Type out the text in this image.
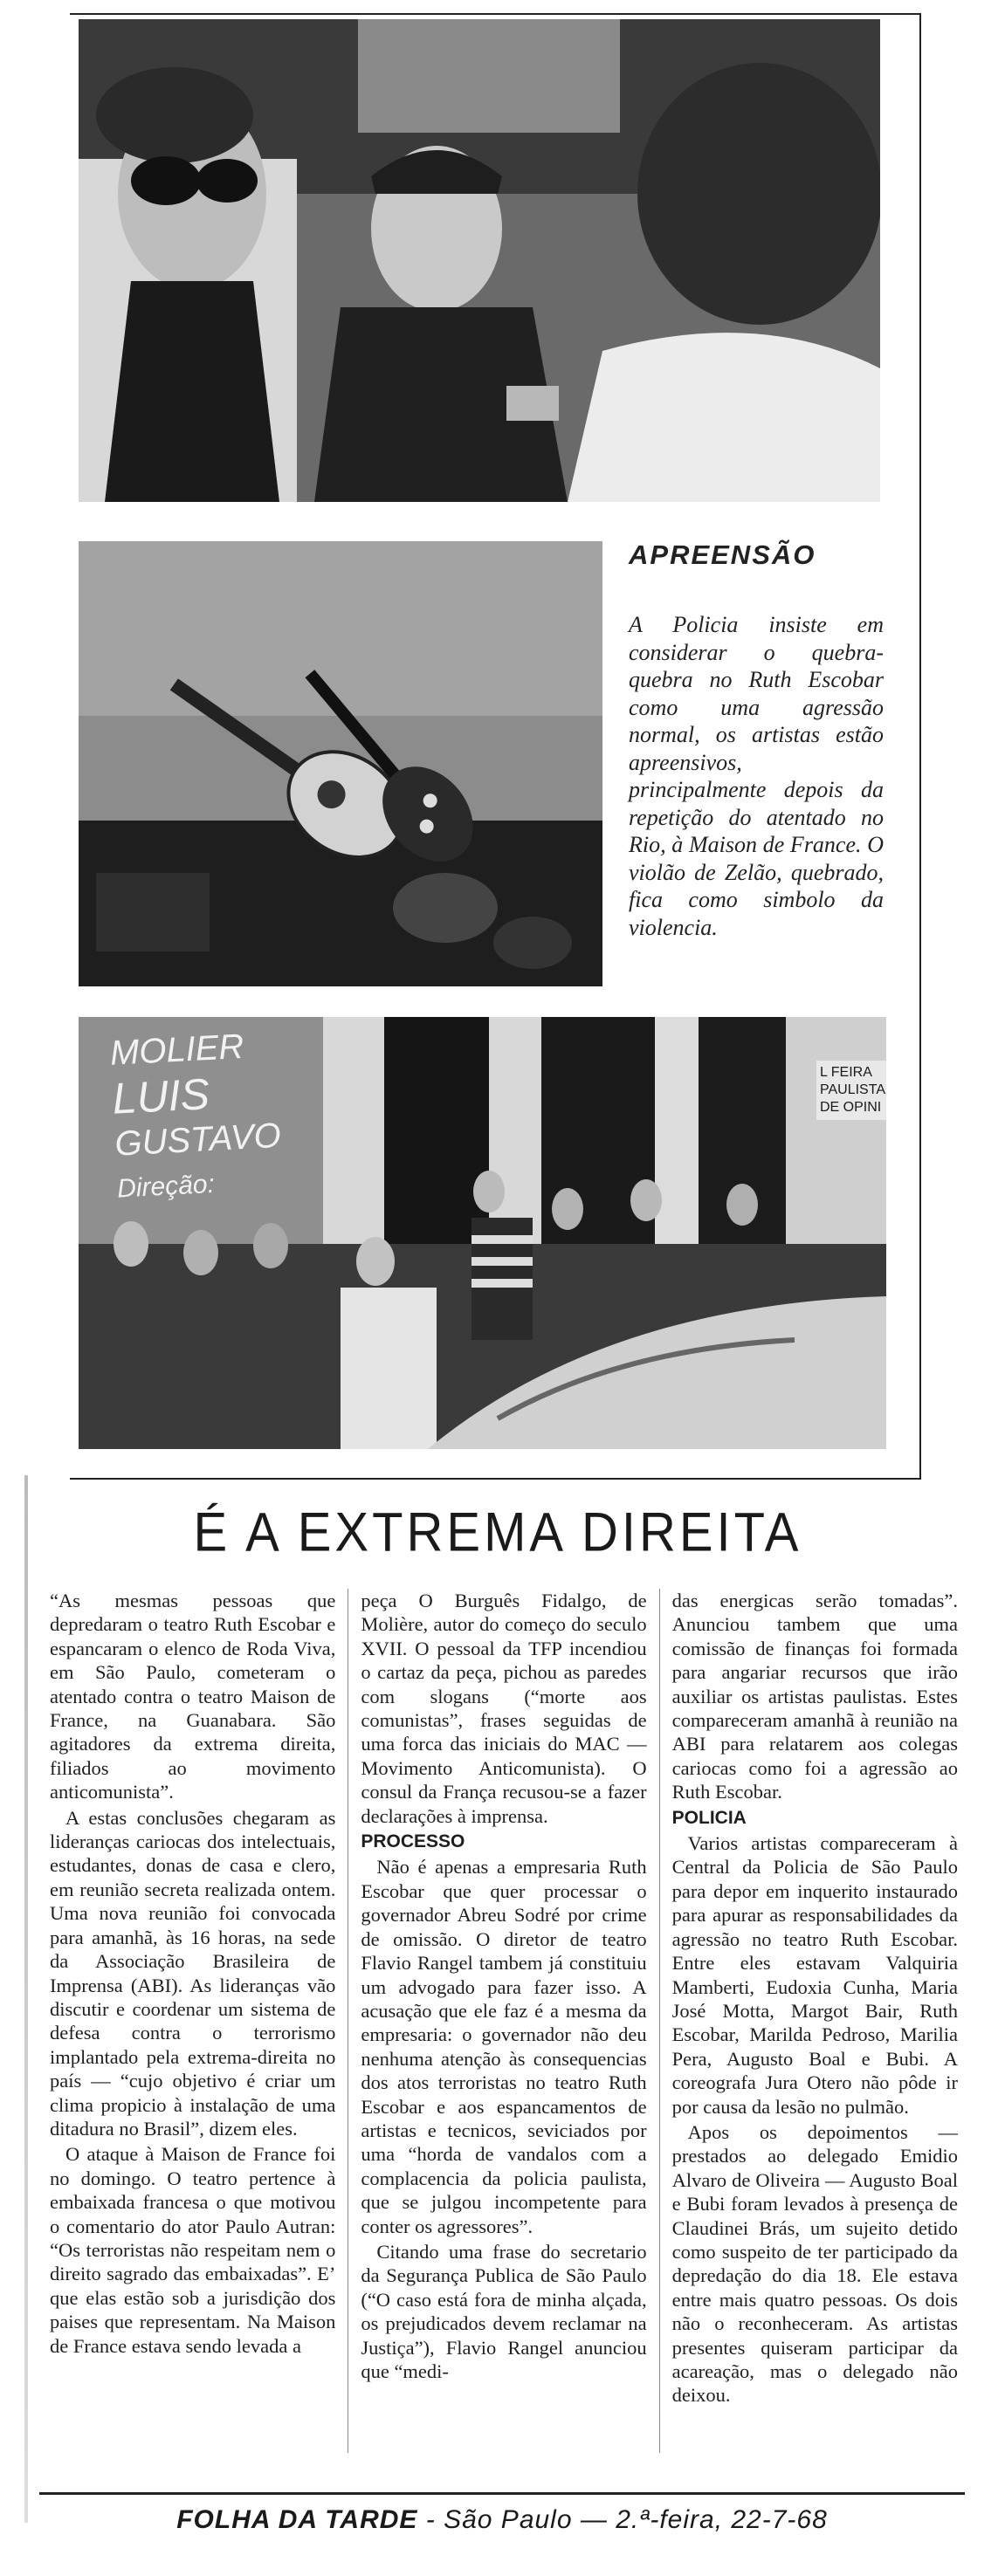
APREENSÃO
A Policia insiste em considerar o quebra-quebra no Ruth Escobar como uma agressão normal, os artistas estão apreensivos, principalmente depois da repetição do atentado no Rio, à Maison de France. O violão de Zelão, quebrado, fica como simbolo da violencia.
MOLIER
LUIS
GUSTAVO
Direção:
L FEIRA
PAULISTA
DE OPINI
É A EXTREMA DIREITA

“As mesmas pessoas que depredaram o teatro Ruth Escobar e espancaram o elenco de Roda Viva, em São Paulo, cometeram o atentado contra o teatro Maison de France, na Guanabara. São agitadores da extrema direita, filiados ao movimento anticomunista”.

A estas conclusões chegaram as lideranças cariocas dos intelectuais, estudantes, donas de casa e clero, em reunião secreta realizada ontem. Uma nova reunião foi convocada para amanhã, às 16 horas, na sede da Associação Brasileira de Imprensa (ABI). As lideranças vão discutir e coordenar um sistema de defesa contra o terrorismo implantado pela extrema-direita no país — “cujo objetivo é criar um clima propicio à instalação de uma ditadura no Brasil”, dizem eles.

O ataque à Maison de France foi no domingo. O teatro pertence à embaixada francesa o que motivou o comentario do ator Paulo Autran: “Os terroristas não respeitam nem o direito sagrado das embaixadas”. E’ que elas estão sob a jurisdição dos paises que representam. Na Maison de France estava sendo levada a

peça O Burguês Fidalgo, de Molière, autor do começo do seculo XVII. O pessoal da TFP incendiou o cartaz da peça, pichou as paredes com slogans (“morte aos comunistas”, frases seguidas de uma forca das iniciais do MAC — Movimento Anticomunista). O consul da França recusou-se a fazer declarações à imprensa.

PROCESSO

Não é apenas a empresaria Ruth Escobar que quer processar o governador Abreu Sodré por crime de omissão. O diretor de teatro Flavio Rangel tambem já constituiu um advogado para fazer isso. A acusação que ele faz é a mesma da empresaria: o governador não deu nenhuma atenção às consequencias dos atos terroristas no teatro Ruth Escobar e aos espancamentos de artistas e tecnicos, seviciados por uma “horda de vandalos com a complacencia da policia paulista, que se julgou incompetente para conter os agressores”.

Citando uma frase do secretario da Segurança Publica de São Paulo (“O caso está fora de minha alçada, os prejudicados devem reclamar na Justiça”), Flavio Rangel anunciou que “medi-

das energicas serão tomadas”. Anunciou tambem que uma comissão de finanças foi formada para angariar recursos que irão auxiliar os artistas paulistas. Estes compareceram amanhã à reunião na ABI para relatarem aos colegas cariocas como foi a agressão ao Ruth Escobar.

POLICIA

Varios artistas compareceram à Central da Policia de São Paulo para depor em inquerito instaurado para apurar as responsabilidades da agressão no teatro Ruth Escobar. Entre eles estavam Valquiria Mamberti, Eudoxia Cunha, Maria José Motta, Margot Bair, Ruth Escobar, Marilda Pedroso, Marilia Pera, Augusto Boal e Bubi. A coreografa Jura Otero não pôde ir por causa da lesão no pulmão.

Apos os depoimentos — prestados ao delegado Emidio Alvaro de Oliveira — Augusto Boal e Bubi foram levados à presença de Claudinei Brás, um sujeito detido como suspeito de ter participado da depredação do dia 18. Ele estava entre mais quatro pessoas. Os dois não o reconheceram. As artistas presentes quiseram participar da acareação, mas o delegado não deixou.

FOLHA DA TARDE - São Paulo — 2.ª-feira, 22-7-68
